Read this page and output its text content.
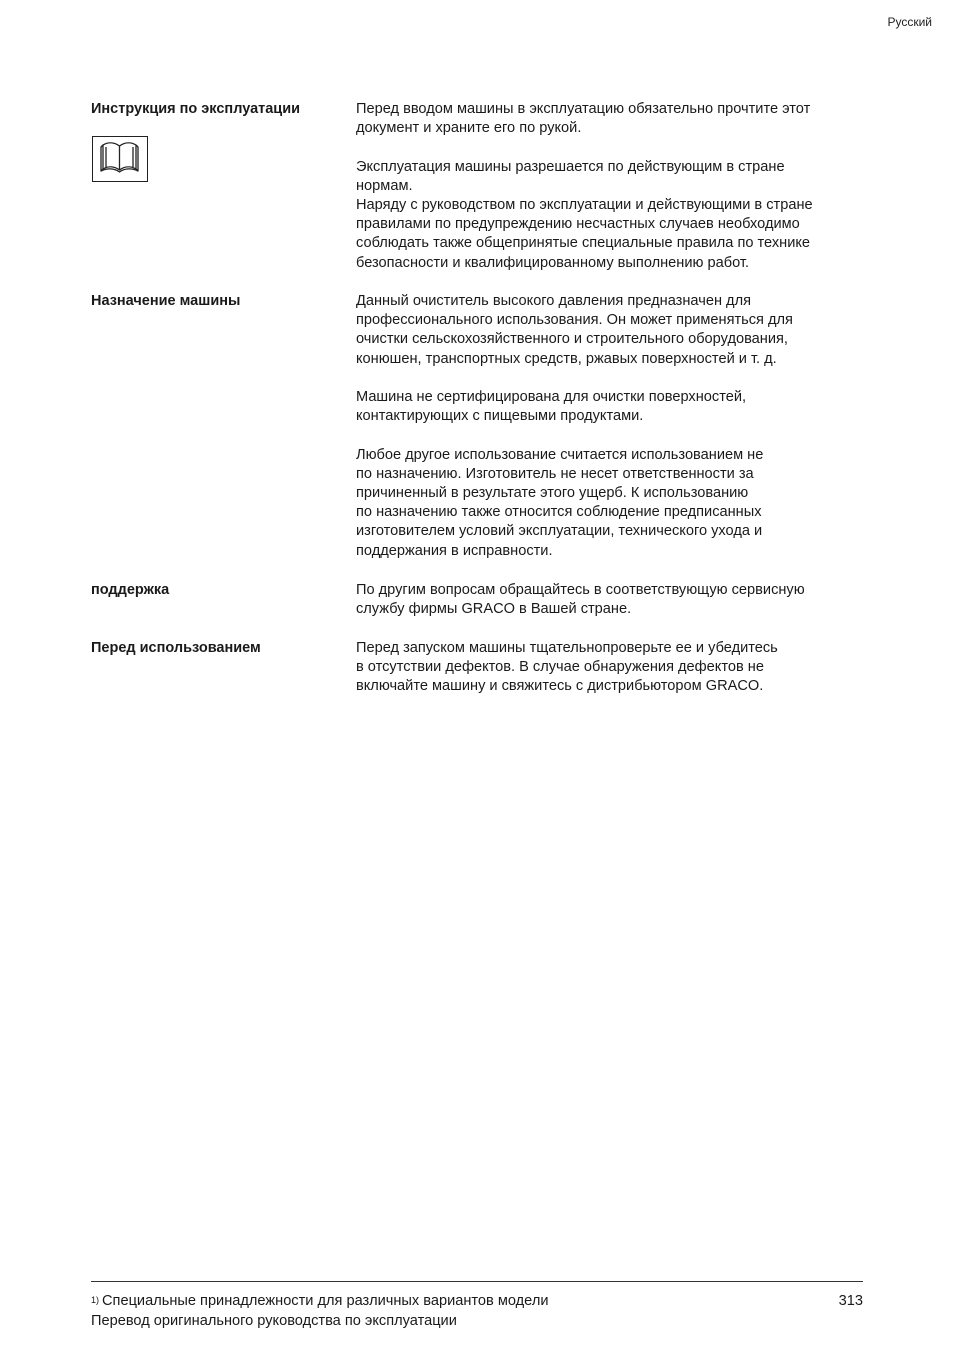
Русский
Инструкция по эксплуатации	Перед вводом машины в эксплуатацию обязательно прочтите этот
документ и храните его по рукой.

Эксплуатация машины разрешается по действующим в стране
нормам.
Наряду с руководством по эксплуатации и действующими в стране
правилами по предупреждению несчастных случаев необходимо
соблюдать также общепринятые специальные правила по технике
безопасности и квалифицированному выполнению работ.

Назначение машины	Данный очиститель высокого давления предназначен для
профессионального использования. Он может применяться для
очистки сельскохозяйственного и строительного оборудования,
конюшен, транспортных средств, ржавых поверхностей и т. д.

Машина не сертифицирована для очистки поверхностей,
контактирующих с пищевыми продуктами.

Любое другое использование считается использованием не
по назначению. Изготовитель не несет ответственности за
причиненный в результате этого ущерб. К использованию
по назначению также относится соблюдение предписанных
изготовителем условий эксплуатации, технического ухода и
поддержания в исправности.

поддержка	По другим вопросам обращайтесь в соответствующую сервисную
службу фирмы GRACO в Вашей стране.

Перед использованием	Перед запуском машины тщательнопроверьте ее и убедитесь
в отсутствии дефектов. В случае обнаружения дефектов не
включайте машину и свяжитесь с дистрибьютором GRACO.

$^{1)}$ Специальные принадлежности для различных вариантов модели
Перевод оригинального руководства по эксплуатации
313
